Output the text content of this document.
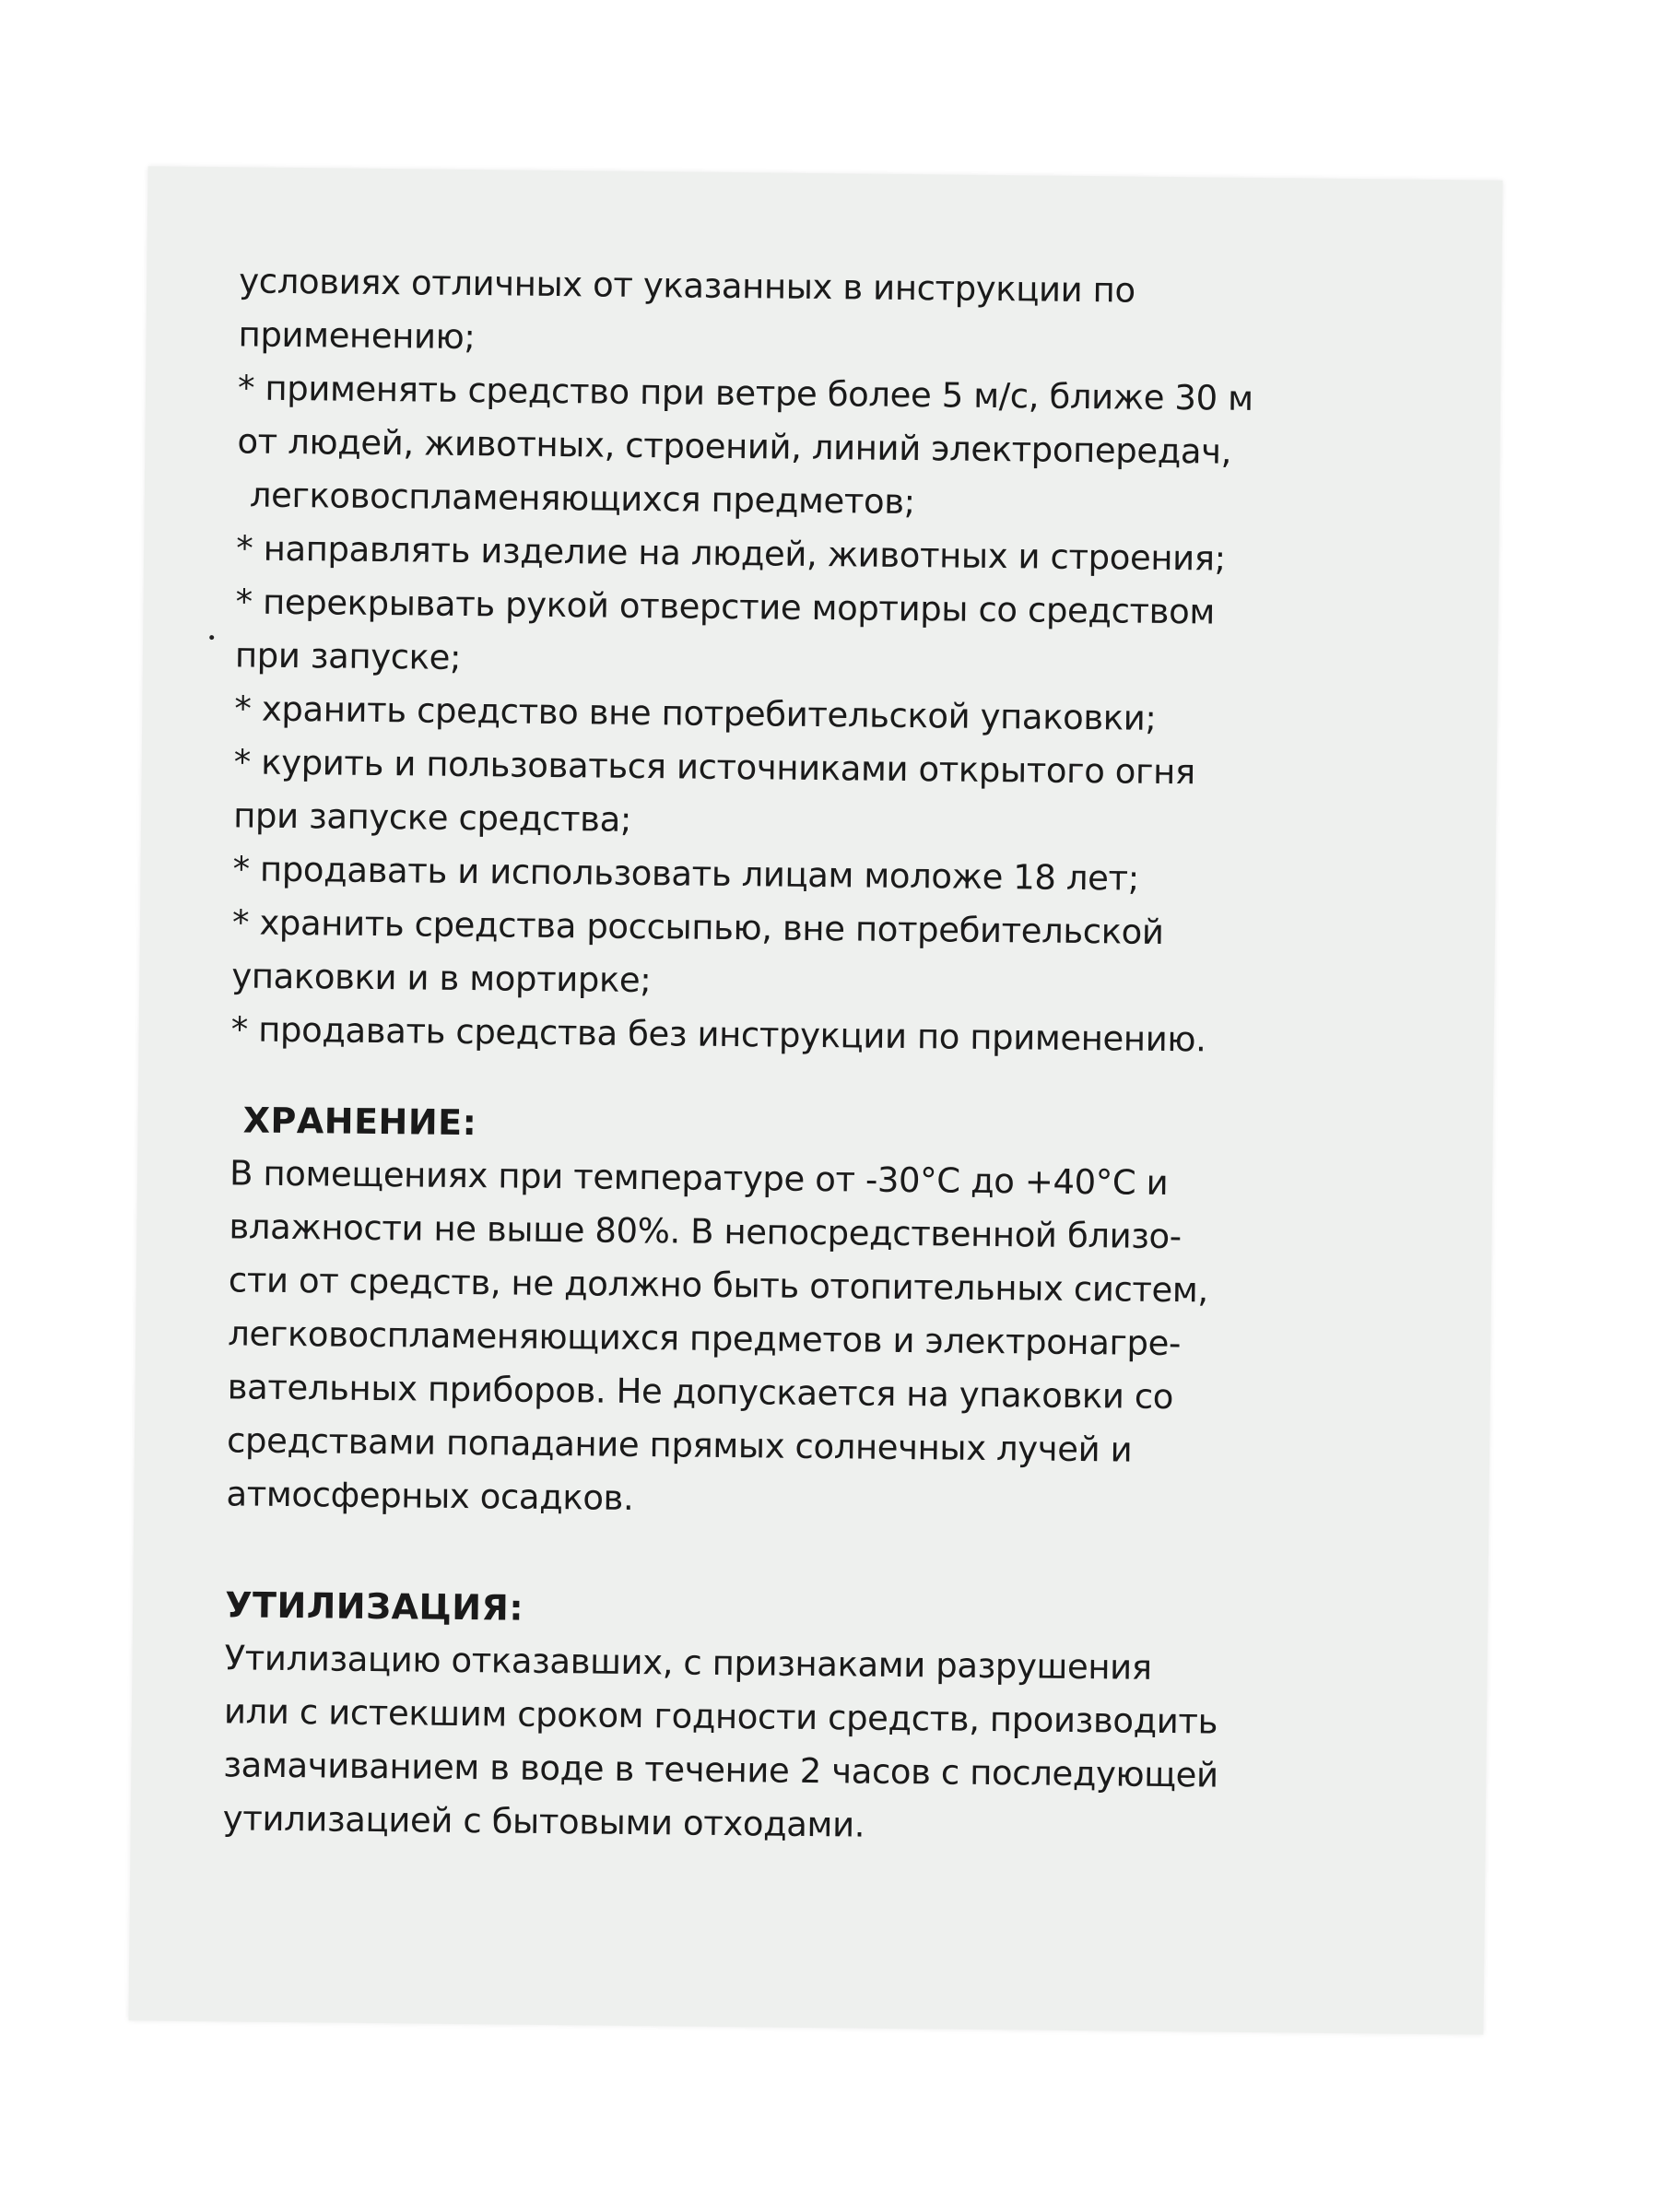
условиях отличных от указанных в инструкции по
применению;
* применять средство при ветре более 5 м/с, ближе 30 м
от людей, животных, строений, линий электропередач,
легковоспламеняющихся предметов;
* направлять изделие на людей, животных и строения;
* перекрывать рукой отверстие мортиры со средством
при запуске;
* хранить средство вне потребительской упаковки;
* курить и пользоваться источниками открытого огня
при запуске средства;
* продавать и использовать лицам моложе 18 лет;
* хранить средства россыпью, вне потребительской
упаковки и в мортирке;
* продавать средства без инструкции по применению.
ХРАНЕНИЕ:
В помещениях при температуре от -30°С до +40°С и
влажности не выше 80%. В непосредственной близо-
сти от средств, не должно быть отопительных систем,
легковоспламеняющихся предметов и электронагре-
вательных приборов. Не допускается на упаковки со
средствами попадание прямых солнечных лучей и
атмосферных осадков.
УТИЛИЗАЦИЯ:
Утилизацию отказавших, с признаками разрушения
или с истекшим сроком годности средств, производить
замачиванием в воде в течение 2 часов с последующей
утилизацией с бытовыми отходами.
